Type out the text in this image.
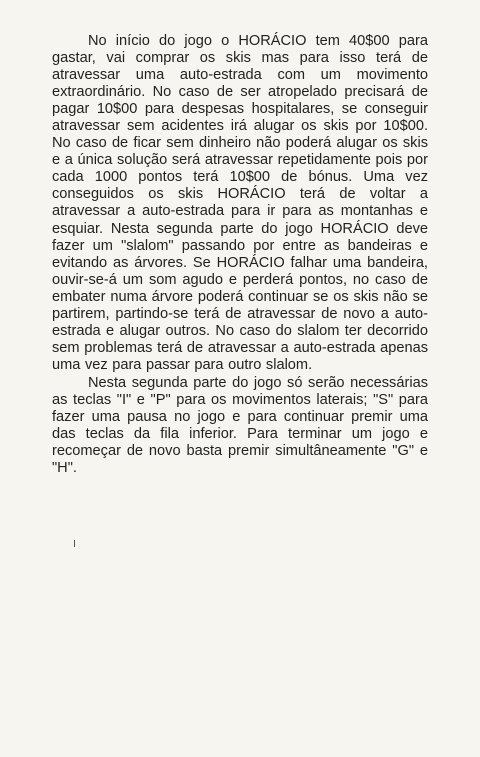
No início do jogo o HORÁCIO tem 40$00 para gastar, vai comprar os skis mas para isso terá de atravessar uma auto-estrada com um movimento extraordinário. No caso de ser atropelado precisará de pagar 10$00 para despesas hospitalares, se conseguir atravessar sem acidentes irá alugar os skis por 10$00. No caso de ficar sem dinheiro não poderá alugar os skis e a única solução será atravessar repetidamente pois por cada 1000 pontos terá 10$00 de bónus. Uma vez conseguidos os skis HORÁCIO terá de voltar a atravessar a auto-estrada para ir para as montanhas e esquiar. Nesta segunda parte do jogo HORÁCIO deve fazer um "slalom" passando por entre as bandeiras e evitando as árvores. Se HORÁCIO falhar uma bandeira, ouvir-se-á um som agudo e perderá pontos, no caso de embater numa árvore poderá continuar se os skis não se partirem, partindo-se terá de atravessar de novo a auto-estrada e alugar outros. No caso do slalom ter decorrido sem problemas terá de atravessar a auto-estrada apenas uma vez para passar para outro slalom.

Nesta segunda parte do jogo só serão necessárias as teclas "I" e "P" para os movimentos laterais; "S" para fazer uma pausa no jogo e para continuar premir uma das teclas da fila inferior. Para terminar um jogo e recomeçar de novo basta premir simultâneamente "G" e "H".
